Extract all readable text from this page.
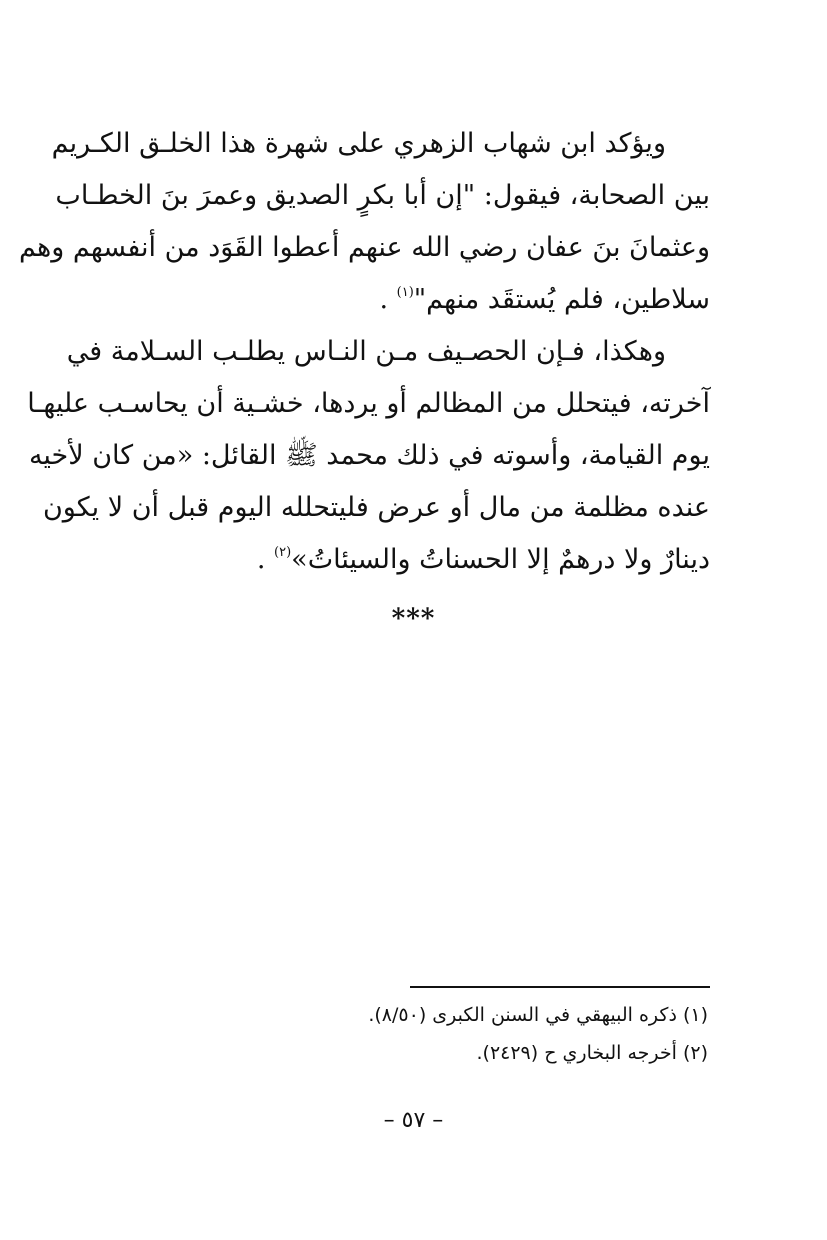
ويؤكد ابن شهاب الزهري على شهرة هذا الخلـق الكـريم
بين الصحابة، فيقول: "إن أبا بكرٍ الصديق وعمرَ بنَ الخطـاب
وعثمانَ بنَ عفان رضي الله عنهم أعطوا القَوَد من أنفسهم وهم
سلاطين، فلم يُستقَد منهم"$^{(١)}$ .
وهكذا، فـإن الحصـيف مـن النـاس يطلـب السـلامة في
آخرته، فيتحلل من المظالم أو يردها، خشـية أن يحاسـب عليهـا
يوم القيامة، وأسوته في ذلك محمد ﷺ القائل: «من كان لأخيه
عنده مظلمة من مال أو عرض فليتحلله اليوم قبل أن لا يكون
دينارٌ ولا درهمٌ إلا الحسناتُ والسيئاتُ»$^{(٢)}$ .
***
(١) ذكره البيهقي في السنن الكبرى (٨/٥٠).
(٢) أخرجه البخاري ح (٢٤٢٩).
– ٥٧ –
